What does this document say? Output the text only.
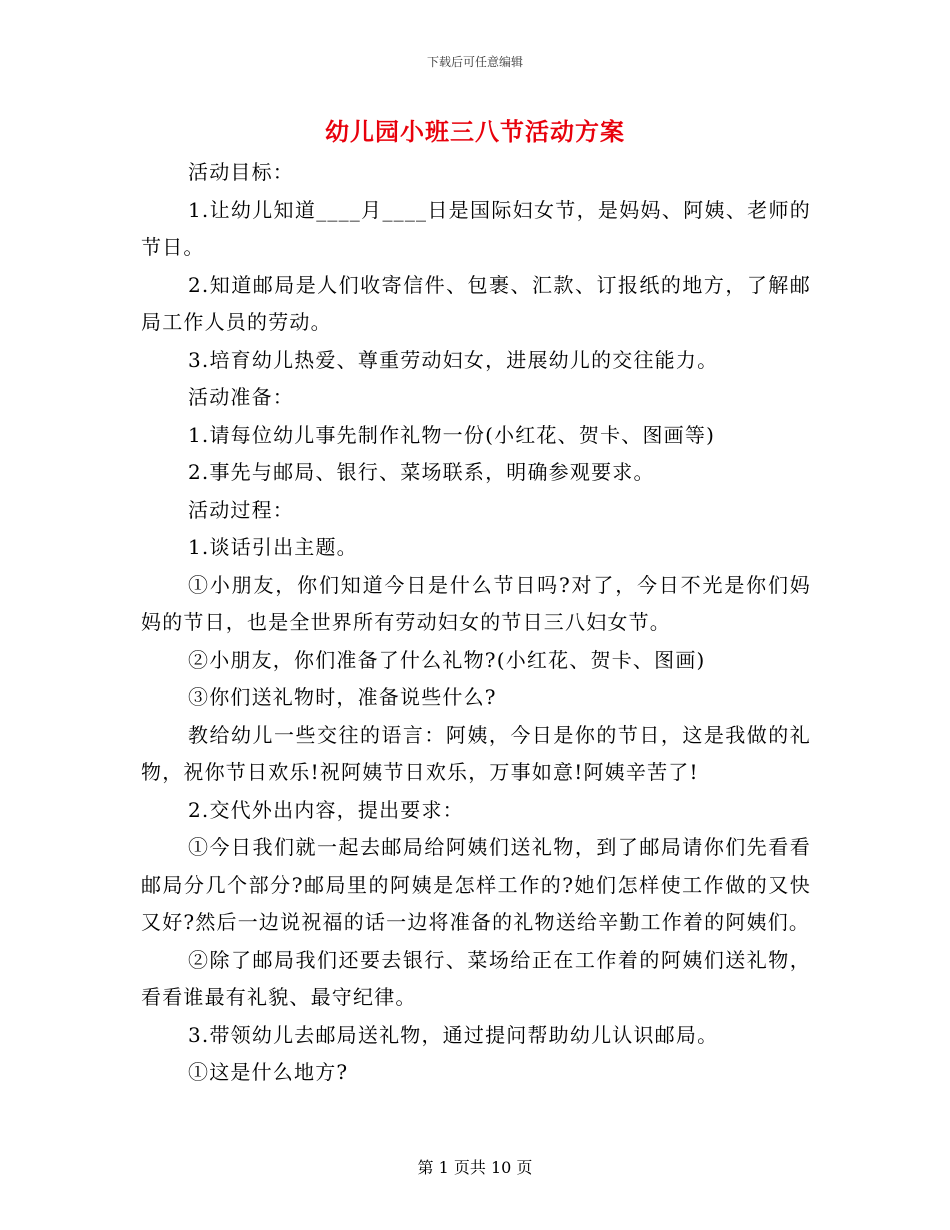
下载后可任意编辑
幼儿园小班三八节活动方案

活动目标：

1.让幼儿知道____月____日是国际妇女节，是妈妈、阿姨、老师的节日。

2.知道邮局是人们收寄信件、包裹、汇款、订报纸的地方，了解邮局工作人员的劳动。

3.培育幼儿热爱、尊重劳动妇女，进展幼儿的交往能力。

活动准备：

1.请每位幼儿事先制作礼物一份(小红花、贺卡、图画等)

2.事先与邮局、银行、菜场联系，明确参观要求。

活动过程：

1.谈话引出主题。

①小朋友，你们知道今日是什么节日吗?对了，今日不光是你们妈妈的节日，也是全世界所有劳动妇女的节日三八妇女节。

②小朋友，你们准备了什么礼物?(小红花、贺卡、图画)

③你们送礼物时，准备说些什么?

教给幼儿一些交往的语言：阿姨，今日是你的节日，这是我做的礼物，祝你节日欢乐!祝阿姨节日欢乐，万事如意!阿姨辛苦了!

2.交代外出内容，提出要求：

①今日我们就一起去邮局给阿姨们送礼物，到了邮局请你们先看看邮局分几个部分?邮局里的阿姨是怎样工作的?她们怎样使工作做的又快又好?然后一边说祝福的话一边将准备的礼物送给辛勤工作着的阿姨们。

②除了邮局我们还要去银行、菜场给正在工作着的阿姨们送礼物，看看谁最有礼貌、最守纪律。

3.带领幼儿去邮局送礼物，通过提问帮助幼儿认识邮局。

①这是什么地方?

第 1 页共 10 页
